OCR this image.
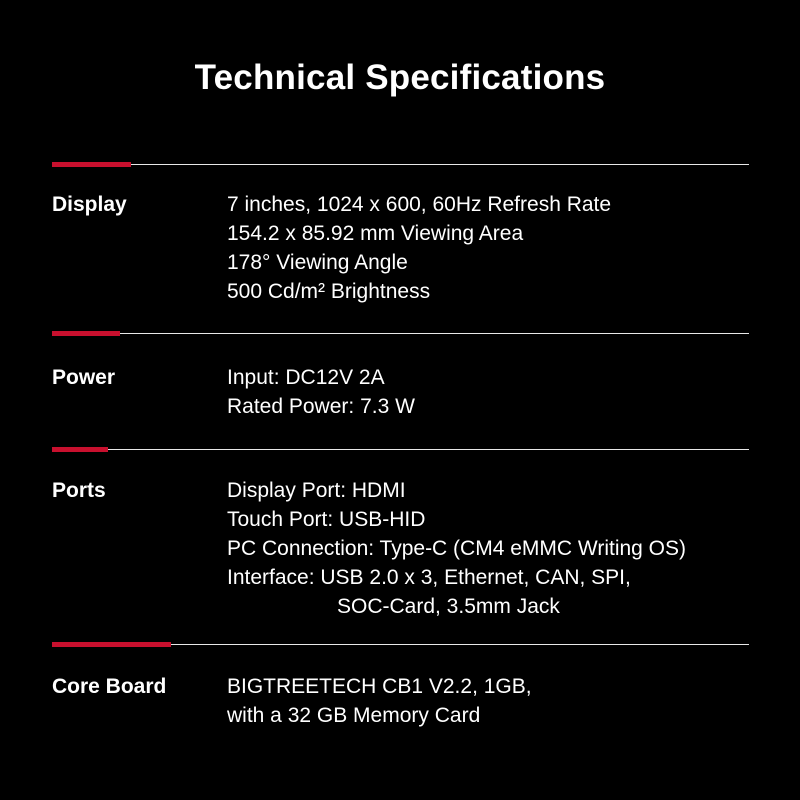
Technical Specifications
Display	7 inches, 1024 x 600, 60Hz Refresh Rate

154.2 x 85.92 mm Viewing Area

178° Viewing Angle

500 Cd/m² Brightness

Power	Input: DC12V 2A

Rated Power: 7.3 W

Ports	Display Port: HDMI

Touch Port: USB-HID

PC Connection: Type-C (CM4 eMMC Writing OS)

Interface: USB 2.0 x 3, Ethernet, CAN, SPI,

SOC-Card, 3.5mm Jack

Core Board	BIGTREETECH CB1 V2.2, 1GB,

with a 32 GB Memory Card
